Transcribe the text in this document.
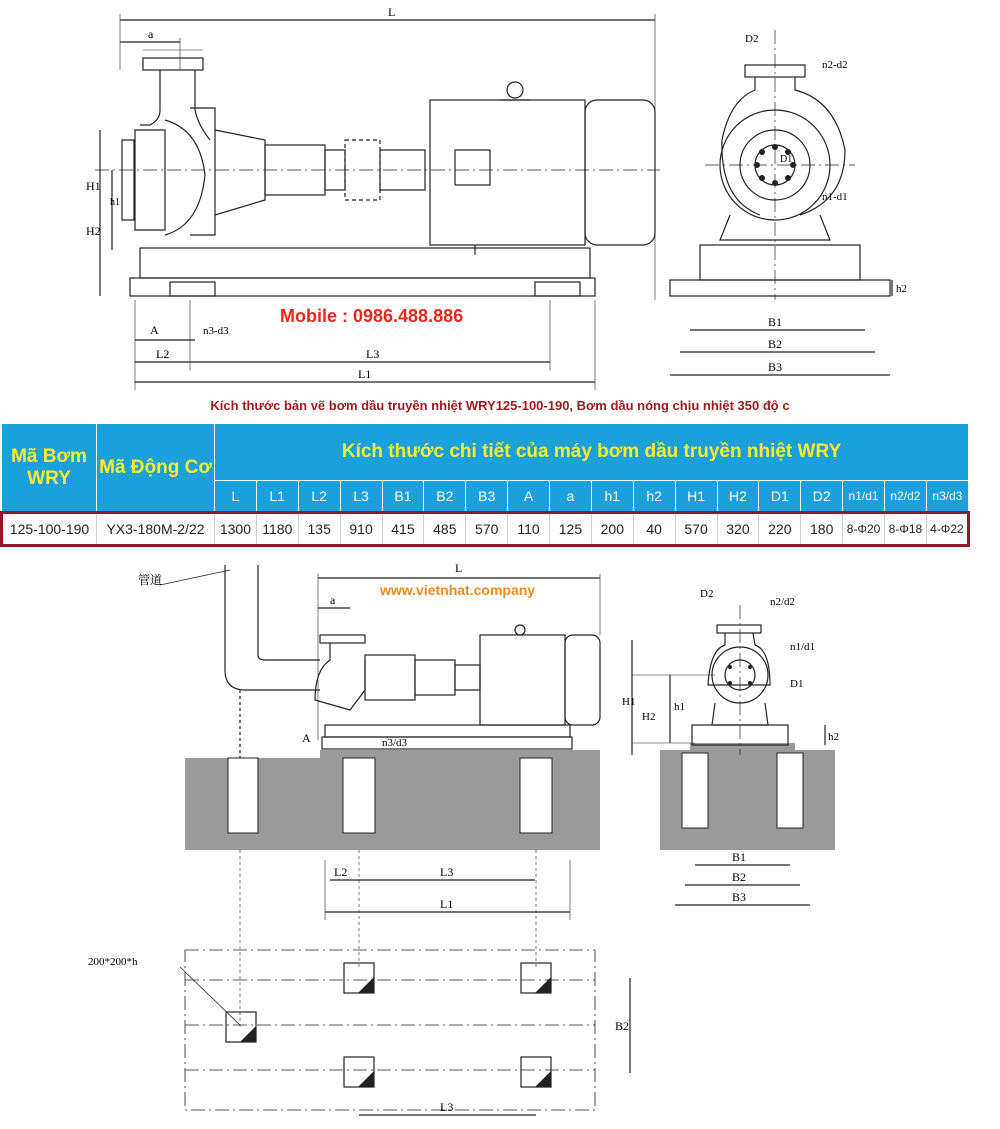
L
a
H1
h1
H2
A	n3-d3
L2	L3
L1
D2
n2-d2
D1
n1-d1
h2
B1
B2
B3
Mobile : 0986.488.886
Kích thước bản vẽ bơm dầu truyền nhiệt WRY125-100-190, Bơm dầu nóng chịu nhiệt 350 độ c
Mã Bơm WRY	Mã Động Cơ	Kích thước chi tiết của máy bơm dầu truyền nhiệt WRY																	
		L	L1	L2	L3	B1	B2	B3	A	a	h1	h2	H1	H2	D1	D2	n1/d1	n2/d2	n3/d3
125-100-190	YX3-180M-2/22	1300	1180	135	910	415	485	570	110	125	200	40	570	320	220	180	8-Φ20	8-Φ18	4-Φ22
管道
L
a
A	n3/d3
L2	L3
L1
200*200*h
B2
L3
D2
n2/d2
n1/d1
D1
H1
H2
h1
h2
B1
B2
B3
www.vietnhat.company
